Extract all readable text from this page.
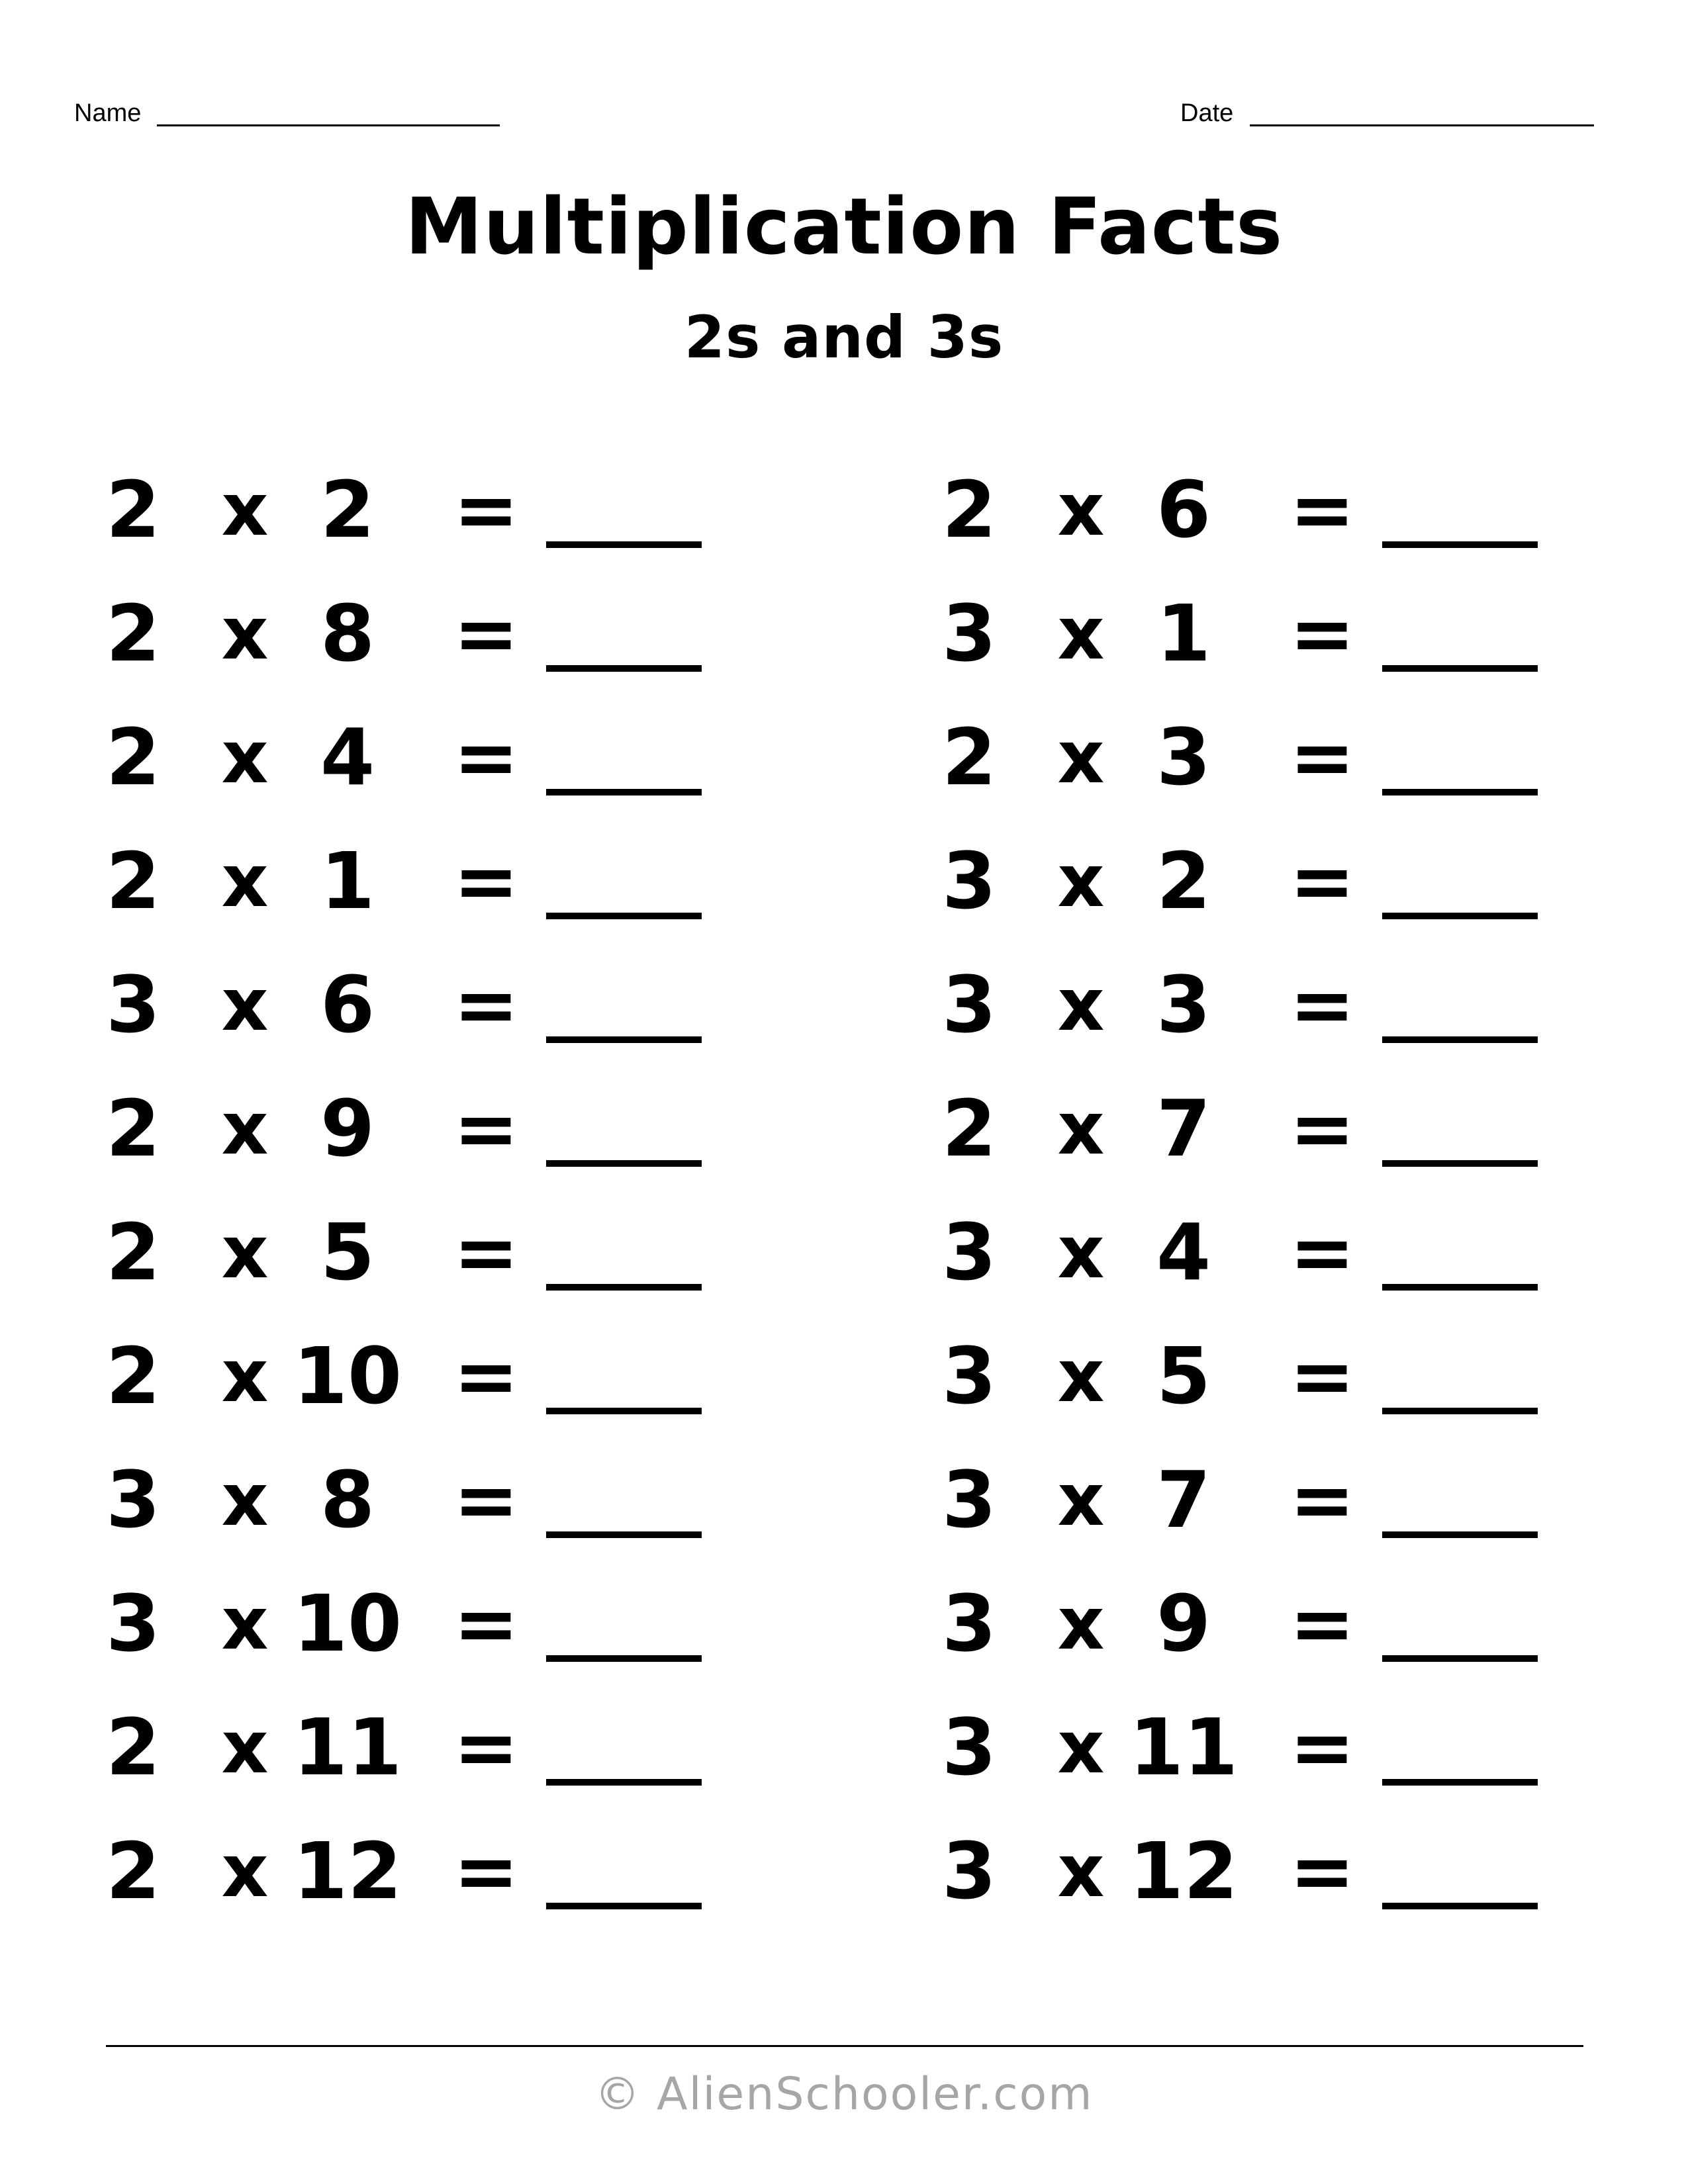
Name	Date
Multiplication Facts
2s and 3s
2 x 2	=
2 x 8	=
2 x 4	=
2 x 1	=
3 x 6	=
2 x 9	=
2 x 5	=
2 x 10 =
3 x 8	=
3 x 10 =
2 x 11 =
2 x 12 =
2 x 6	=
3 x 1	=
2 x 3	=
3 x 2	=
3 x 3	=
2 x 7	=
3 x 4	=
3 x 5	=
3 x 7	=
3 x 9	=
3 x 11 =
3 x 12 =
© AlienSchooler.com
